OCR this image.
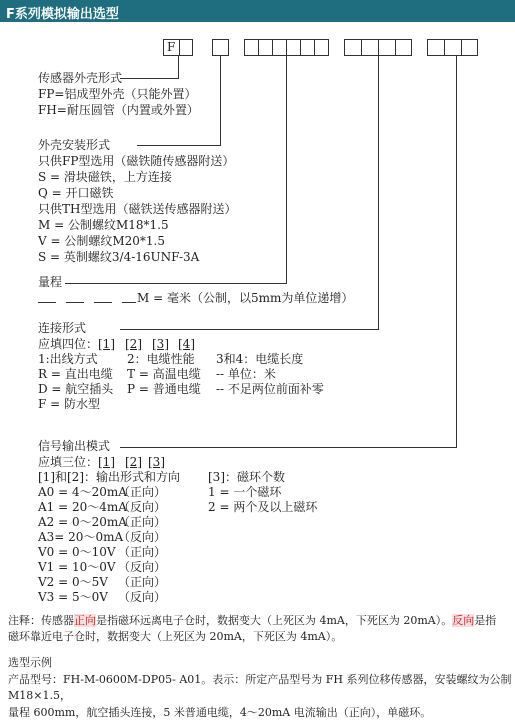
F系列模拟输出选型
F
传感器外壳形式
FP=铝成型外壳（只能外置）
FH=耐压圆管（内置或外置）
外壳安装形式
只供FP型选用（磁铁随传感器附送）
S = 滑块磁铁，上方连接
Q = 开口磁铁
只供TH型选用（磁铁送传感器附送）
M = 公制螺纹M18*1.5
V = 公制螺纹M20*1.5
S = 英制螺纹3/4-16UNF-3A
量程
M = 毫米（公制，以5mm为单位递增）
连接形式
应填四位： [1] [2] [3] [4]
1:出线方式 2：电缆性能 3和4：电缆长度
R = 直出电缆 T = 高温电缆 -- 单位：米
D = 航空插头 P = 普通电缆 -- 不足两位前面补零
F = 防水型
信号输出模式
应填三位： [1] [2] [3]
[1]和[2]：输出形式和方向 [3]：磁环个数
1 = 一个磁环
2 = 两个及以上磁环
A0 = 4～20mA
（正向）
A1 = 20～4mA
（反向）
A2 = 0～20mA
（正向）
A3= 20～0mA
（反向）
V0 = 0～10V （正向）
V1 = 10～0V （反向）
V2 = 0～5V （正向）
V3 = 5～0V （反向）
注释：传感器正向是指磁环远离电子仓时，数据变大（上死区为 4mA，下死区为 20mA）。反向是指
磁环靠近电子仓时，数据变大（上死区为 20mA，下死区为 4mA）。
选型示例
产品型号：FH-M-0600M-DP05- A01。表示：所定产品型号为 FH 系列位移传感器，安装螺纹为公制
M18×1.5，
量程 600mm，航空插头连接，5 米普通电缆，4～20mA 电流输出（正向），单磁环。
